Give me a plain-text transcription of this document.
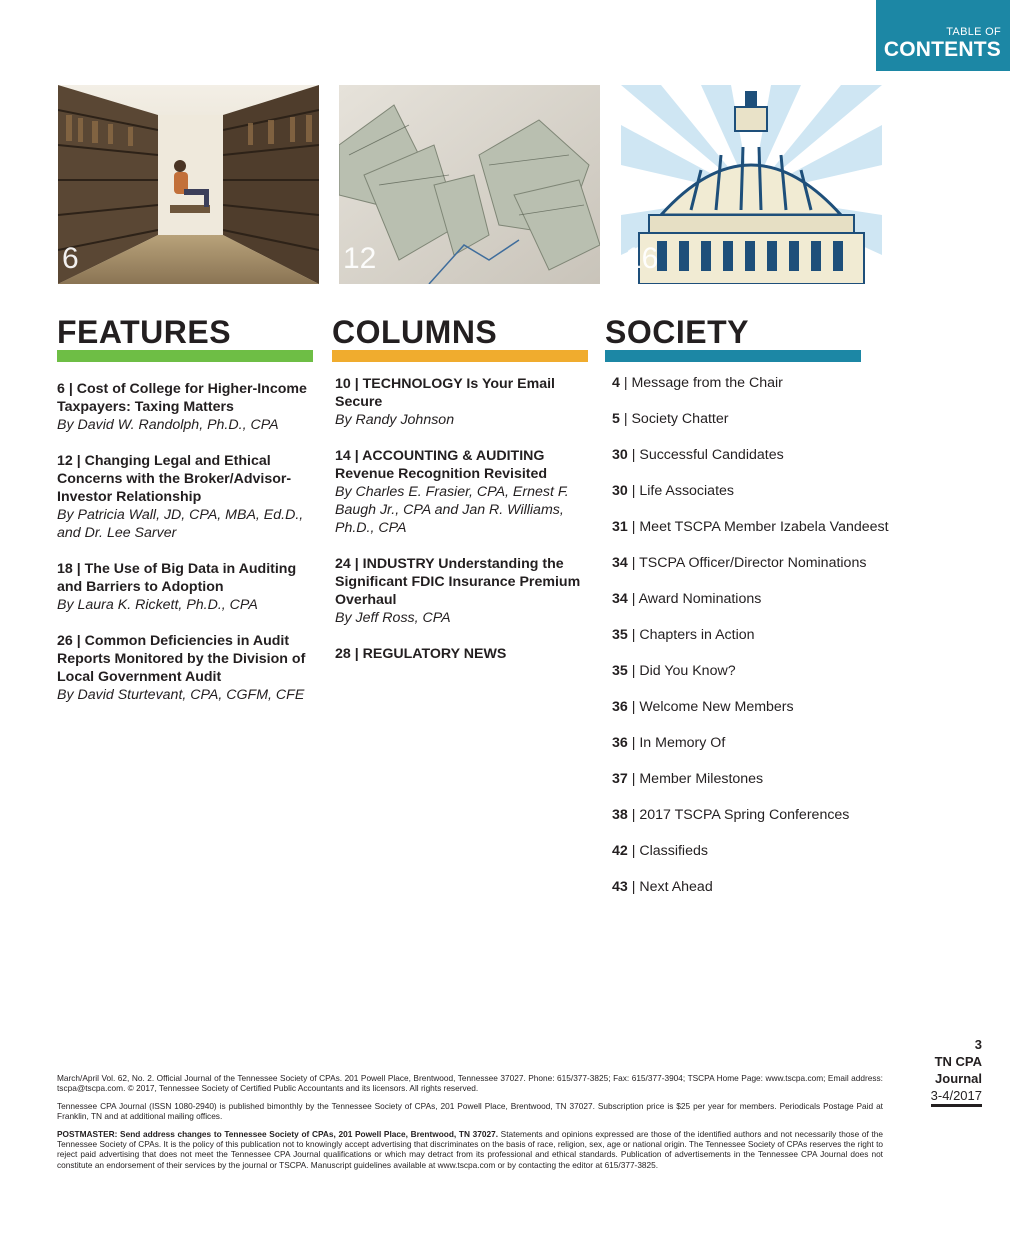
TABLE OF
CONTENTS
6	12	16
FEATURES	COLUMNS	SOCIETY
6 | Cost of College for Higher-Income Taxpayers: Taxing Matters
By David W. Randolph, Ph.D., CPA
12 | Changing Legal and Ethical Concerns with the Broker/Advisor-Investor Relationship
By Patricia Wall, JD, CPA, MBA, Ed.D., and Dr. Lee Sarver
18 | The Use of Big Data in Auditing and Barriers to Adoption
By Laura K. Rickett, Ph.D., CPA
26 | Common Deficiencies in Audit Reports Monitored by the Division of Local Government Audit
By David Sturtevant, CPA, CGFM, CFE
10 | TECHNOLOGY Is Your Email Secure
By Randy Johnson
14 | ACCOUNTING & AUDITING Revenue Recognition Revisited
By Charles E. Frasier, CPA, Ernest F. Baugh Jr., CPA and Jan R. Williams, Ph.D., CPA
24 | INDUSTRY Understanding the Significant FDIC Insurance Premium Overhaul
By Jeff Ross, CPA
28 | REGULATORY NEWS
4 | Message from the Chair
5 | Society Chatter
30 | Successful Candidates
30 | Life Associates
31 | Meet TSCPA Member Izabela Vandeest
34 | TSCPA Officer/Director Nominations
34 | Award Nominations
35 | Chapters in Action
35 | Did You Know?
36 | Welcome New Members
36 | In Memory Of
37 | Member Milestones
38 | 2017 TSCPA Spring Conferences
42 | Classifieds
43 | Next Ahead

March/April Vol. 62, No. 2. Official Journal of the Tennessee Society of CPAs. 201 Powell Place, Brentwood, Tennessee 37027. Phone: 615/377-3825; Fax: 615/377-3904; TSCPA Home Page: www.tscpa.com; Email address: tscpa@tscpa.com. © 2017, Tennessee Society of Certified Public Accountants and its licensors. All rights reserved.

Tennessee CPA Journal (ISSN 1080-2940) is published bimonthly by the Tennessee Society of CPAs, 201 Powell Place, Brentwood, TN 37027. Subscription price is $25 per year for members. Periodicals Postage Paid at Franklin, TN and at additional mailing offices.

POSTMASTER: Send address changes to Tennessee Society of CPAs, 201 Powell Place, Brentwood, TN 37027. Statements and opinions expressed are those of the identified authors and not necessarily those of the Tennessee Society of CPAs. It is the policy of this publication not to knowingly accept advertising that discriminates on the basis of race, religion, sex, age or national origin. The Tennessee Society of CPAs reserves the right to reject paid advertising that does not meet the Tennessee CPA Journal qualifications or which may detract from its professional and ethical standards. Publication of advertisements in the Tennessee CPA Journal does not constitute an endorsement of their services by the journal or TSCPA. Manuscript guidelines available at www.tscpa.com or by contacting the editor at 615/377-3825.

3
TN CPA
Journal
3-4/2017
